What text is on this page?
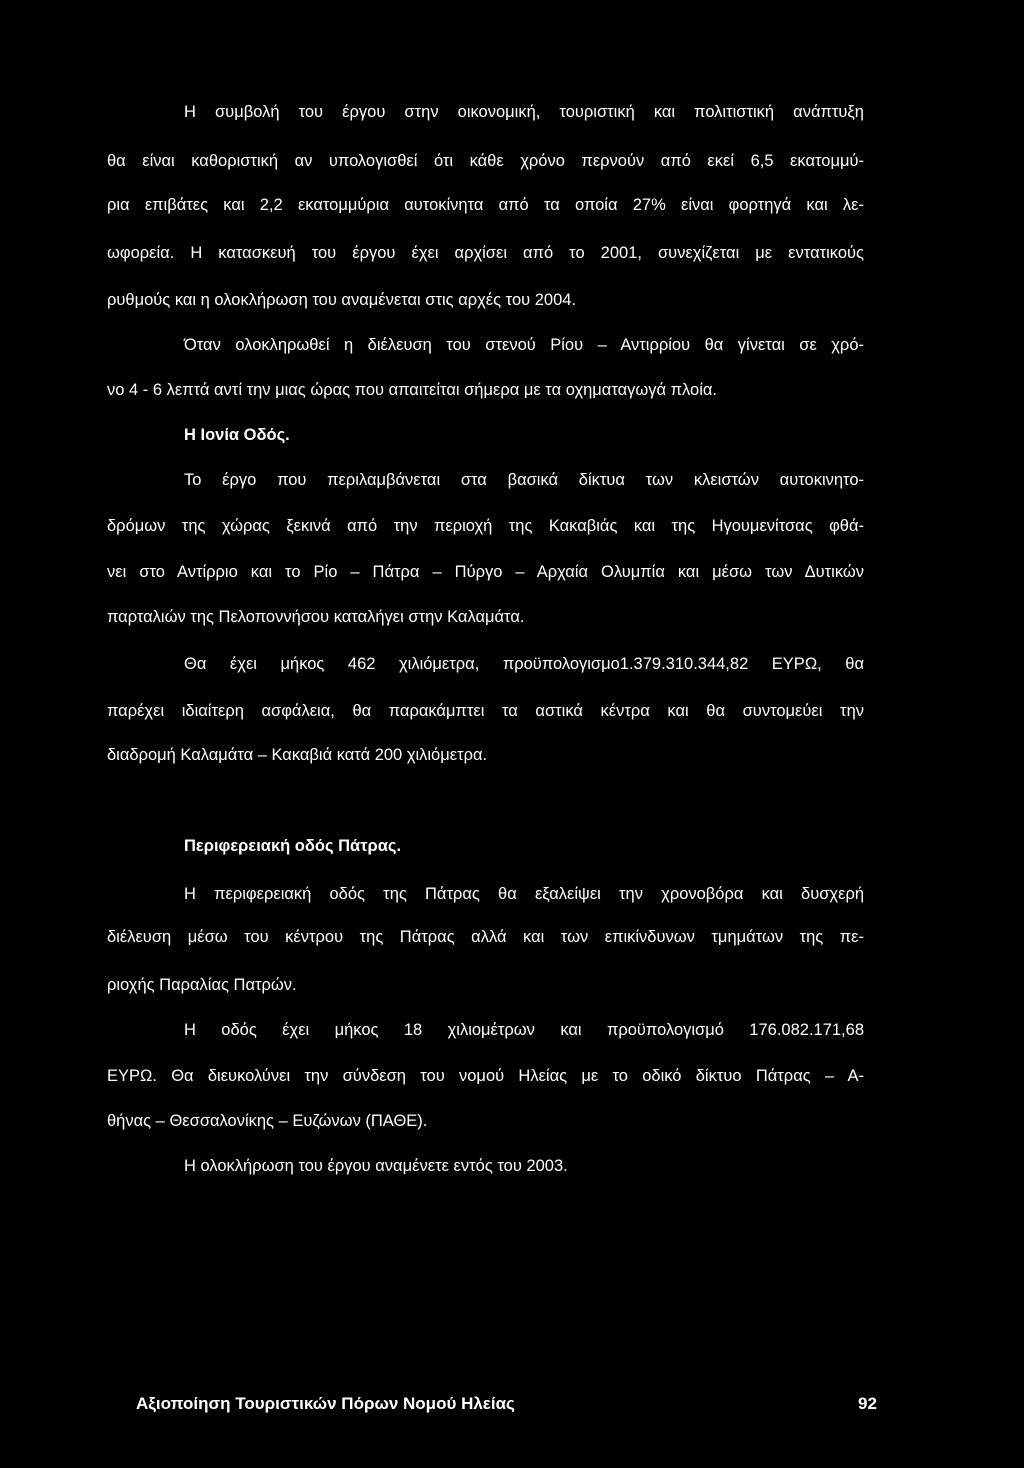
Η συμβολή του έργου στην οικονομική, τουριστική και πολιτιστική ανάπτυξη
θα είναι καθοριστική αν υπολογισθεί ότι κάθε χρόνο περνούν από εκεί 6,5 εκατομμύ-
ρια επιβάτες και 2,2 εκατομμύρια αυτοκίνητα από τα οποία 27% είναι φορτηγά και λε-
ωφορεία. Η κατασκευή του έργου έχει αρχίσει από το 2001, συνεχίζεται με εντατικούς
ρυθμούς και η ολοκλήρωση του αναμένεται στις αρχές του 2004.
Όταν ολοκληρωθεί η διέλευση του στενού Ρίου – Αντιρρίου θα γίνεται σε χρό-
νο 4 - 6 λεπτά αντί την μιας ώρας που απαιτείται σήμερα με τα οχηματαγωγά πλοία.
Η Ιονία Οδός.
Το έργο που περιλαμβάνεται στα βασικά δίκτυα των κλειστών αυτοκινητο-
δρόμων της χώρας ξεκινά από την περιοχή της Κακαβιάς και της Ηγουμενίτσας φθά-
νει στο Αντίρριο και το Ρίο – Πάτρα – Πύργο – Αρχαία Ολυμπία και μέσω των Δυτικών
παρταλιών της Πελοποννήσου καταλήγει στην Καλαμάτα.
Θα έχει μήκος 462 χιλιόμετρα, προϋπολογισμο1.379.310.344,82 ΕΥΡΩ, θα
παρέχει ιδιαίτερη ασφάλεια, θα παρακάμπτει τα αστικά κέντρα και θα συντομεύει την
διαδρομή Καλαμάτα – Κακαβιά κατά 200 χιλιόμετρα.
Περιφερειακή οδός Πάτρας.
Η περιφερειακή οδός της Πάτρας θα εξαλείψει την χρονοβόρα και δυσχερή
διέλευση μέσω του κέντρου της Πάτρας αλλά και των επικίνδυνων τμημάτων της πε-
ριοχής Παραλίας Πατρών.
Η οδός έχει μήκος 18 χιλιομέτρων και προϋπολογισμό 176.082.171,68
ΕΥΡΩ. Θα διευκολύνει την σύνδεση του νομού Ηλείας με το οδικό δίκτυο Πάτρας – Α-
θήνας – Θεσσαλονίκης – Ευζώνων (ΠΑΘΕ).
Η ολοκλήρωση του έργου αναμένετε εντός του 2003.
Αξιοποίηση Τουριστικών Πόρων Νομού Ηλείας	92
